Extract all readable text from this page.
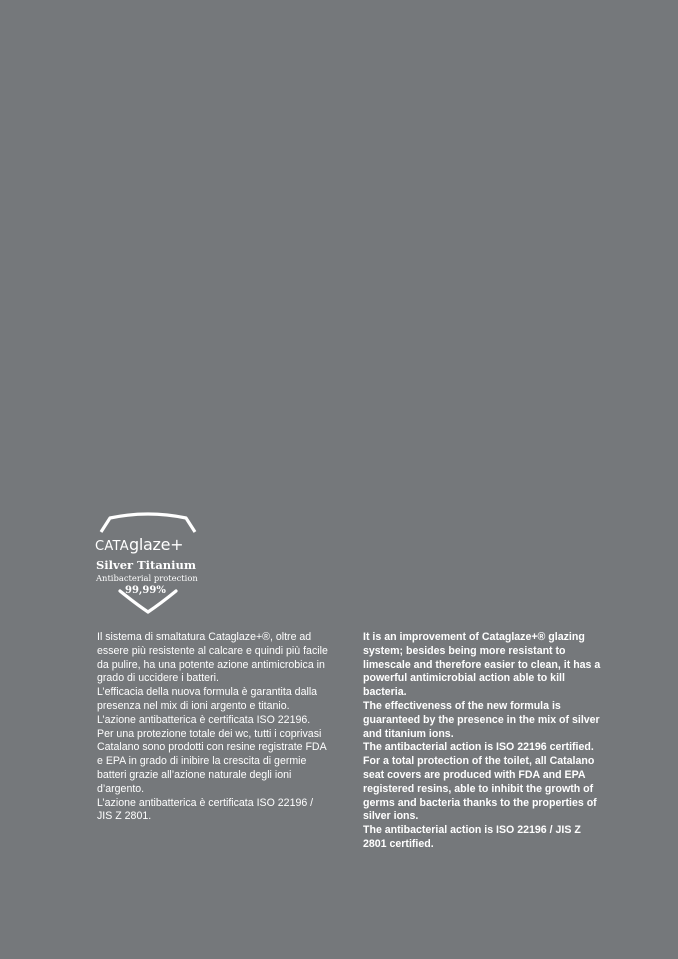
CATAglaze+
Silver Titanium
Antibacterial protection
99,99%

Il sistema di smaltatura Cataglaze+®, oltre ad essere più resistente al calcare e quindi più facile da pulire, ha una potente azione antimicrobica in grado di uccidere i batteri.

L’efficacia della nuova formula è garantita dalla presenza nel mix di ioni argento e titanio.

L’azione antibatterica è certificata ISO 22196.

Per una protezione totale dei wc, tutti i coprivasi Catalano sono prodotti con resine registrate FDA e EPA in grado di inibire la crescita di germie batteri grazie all’azione naturale degli ioni d’argento.

L’azione antibatterica è certificata ISO 22196 / JIS Z 2801.

It is an improvement of Cataglaze+® glazing system; besides being more resistant to limescale and therefore easier to clean, it has a powerful antimicrobial action able to kill bacteria.

The effectiveness of the new formula is guaranteed by the presence in the mix of silver and titanium ions.

The antibacterial action is ISO 22196 certified.

For a total protection of the toilet, all Catalano seat covers are produced with FDA and EPA registered resins, able to inhibit the growth of germs and bacteria thanks to the properties of silver ions.

The antibacterial action is ISO 22196 / JIS Z 2801 certified.
